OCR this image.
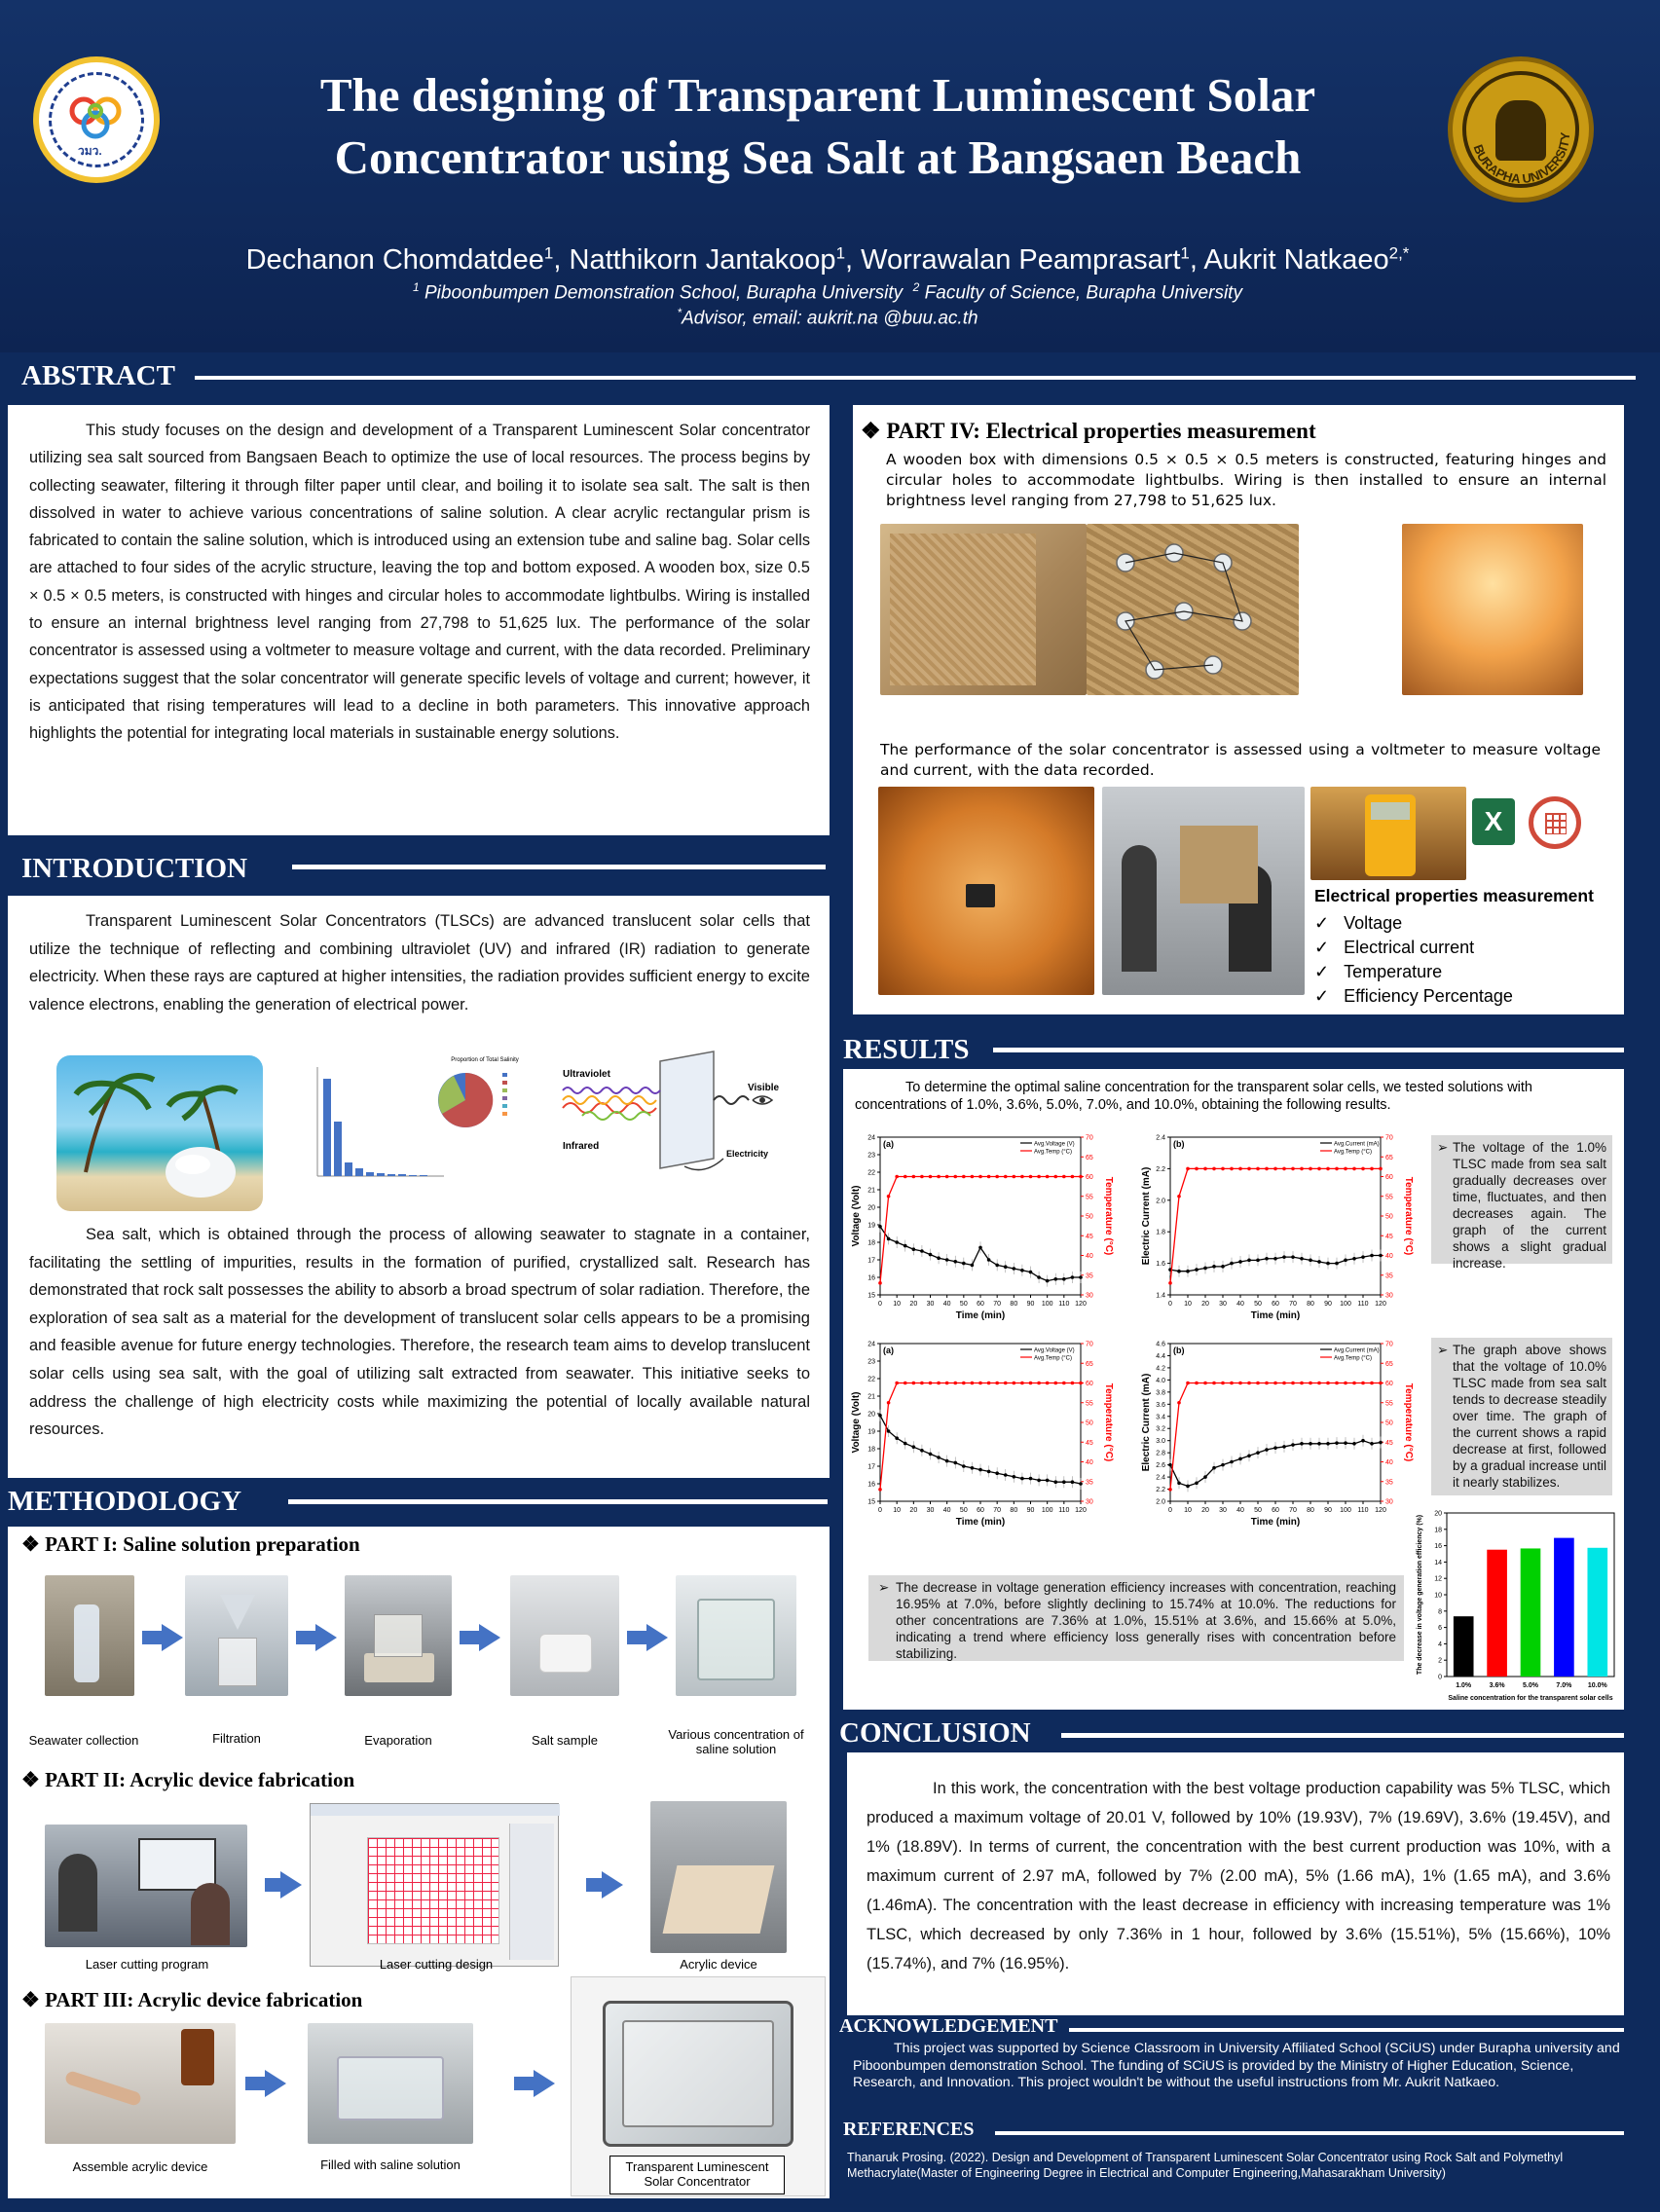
วมว.	BURAPHA UNIVERSITY
The designing of Transparent Luminescent Solar
Concentrator using Sea Salt at Bangsaen Beach
Dechanon Chomdatdee$^1$, Natthikorn Jantakoop$^1$, Worrawalan Peamprasart$^1$, Aukrit Natkaeo$^{2,*}$
$^1$ Piboonbumpen Demonstration School, Burapha University $^2$ Faculty of Science, Burapha University
*Advisor, email: aukrit.na @buu.ac.th
ABSTRACT

This study focuses on the design and development of a Transparent Luminescent Solar concentrator utilizing sea salt sourced from Bangsaen Beach to optimize the use of local resources. The process begins by collecting seawater, filtering it through filter paper until clear, and boiling it to isolate sea salt. The salt is then dissolved in water to achieve various concentrations of saline solution. A clear acrylic rectangular prism is fabricated to contain the saline solution, which is introduced using an extension tube and saline bag. Solar cells are attached to four sides of the acrylic structure, leaving the top and bottom exposed. A wooden box, size 0.5 × 0.5 × 0.5 meters, is constructed with hinges and circular holes to accommodate lightbulbs. Wiring is installed to ensure an internal brightness level ranging from 27,798 to 51,625 lux. The performance of the solar concentrator is assessed using a voltmeter to measure voltage and current, with the data recorded. Preliminary expectations suggest that the solar concentrator will generate specific levels of voltage and current; however, it is anticipated that rising temperatures will lead to a decline in both parameters. This innovative approach highlights the potential for integrating local materials in sustainable energy solutions.

INTRODUCTION

Transparent Luminescent Solar Concentrators (TLSCs) are advanced translucent solar cells that utilize the technique of reflecting and combining ultraviolet (UV) and infrared (IR) radiation to generate electricity. When these rays are captured at higher intensities, the radiation provides sufficient energy to excite valence electrons, enabling the generation of electrical power.

Proportion of Total Salinity
Ultraviolet
Infrared
Visible
Electricity

Sea salt, which is obtained through the process of allowing seawater to stagnate in a container, facilitating the settling of impurities, results in the formation of purified, crystallized salt. Research has demonstrated that rock salt possesses the ability to absorb a broad spectrum of solar radiation. Therefore, the exploration of sea salt as a material for the development of translucent solar cells appears to be a promising and feasible avenue for future energy technologies. Therefore, the research team aims to develop translucent solar cells using sea salt, with the goal of utilizing salt extracted from seawater. This initiative seeks to address the challenge of high electricity costs while maximizing the potential of locally available natural resources.

METHODOLOGY
❖ PART I: Saline solution preparation
Seawater collection	Filtration	Evaporation	Salt sample	Various concentration of saline solution
❖ PART II: Acrylic device fabrication
Laser cutting program	Laser cutting design	Acrylic device
❖ PART III: Acrylic device fabrication
Assemble acrylic device	Filled with saline solution	Transparent Luminescent Solar Concentrator
❖ PART IV: Electrical properties measurement

A wooden box with dimensions 0.5 × 0.5 × 0.5 meters is constructed, featuring hinges and circular holes to accommodate lightbulbs. Wiring is then installed to ensure an internal brightness level ranging from 27,798 to 51,625 lux.

The performance of the solar concentrator is assessed using a voltmeter to measure voltage and current, with the data recorded.

X
Electrical properties measurement
✓   Voltage
✓   Electrical current
✓   Temperature
✓   Efficiency Percentage
RESULTS

To determine the optimal saline concentration for the transparent solar cells, we tested solutions with concentrations of 1.0%, 3.6%, 5.0%, 7.0%, and 10.0%, obtaining the following results.

0 10 20 30 40 50 60 70 80 90 100 110 120
15
16
17
18
19
20
21
22
23
24
30
35
40
45
50
55
60
65
70
Time (min)
Voltage (Volt)	Temperature (°C)
(a)	Avg.Voltage (V)
Avg.Temp (°C)
0 10 20 30 40 50 60 70 80 90 100 110 120
1.4
1.6
1.8
2.0
2.2
2.4
30
35
40
45
50
55
60
65
70
Time (min)
Electric Current (mA)	Temperature (°C)
(b)	Avg.Current (mA)
Avg.Temp (°C)	➢ The voltage of the 1.0% TLSC made from sea salt gradually decreases over time, fluctuates, and then decreases again. The graph of the current shows a slight gradual increase.
0 10 20 30 40 50 60 70 80 90 100 110 120
15
16
17
18
19
20
21
22
23
24
30
35
40
45
50
55
60
65
70
Time (min)
Voltage (Volt)	Temperature (°C)
(a)	Avg.Voltage (V)
Avg.Temp (°C)
0 10 20 30 40 50 60 70 80 90 100 110 120
2.0
2.2
2.4
2.6
2.8
3.0
3.2
3.4
3.6
3.8
4.0
4.2
4.4
4.6
30
35
40
45
50
55
60
65
70
Time (min)
Electric Current (mA)	Temperature (°C)
(b)	Avg.Current (mA)
Avg.Temp (°C)
➢ The graph above shows that the voltage of 10.0% TLSC made from sea salt tends to decrease steadily over time. The graph of the current shows a rapid decrease at first, followed by a gradual increase until it nearly stabilizes.
➢ The decrease in voltage generation efficiency increases with concentration, reaching 16.95% at 7.0%, before slightly declining to 15.74% at 10.0%. The reductions for other concentrations are 7.36% at 1.0%, 15.51% at 3.6%, and 15.66% at 5.0%, indicating a trend where efficiency loss generally rises with concentration before stabilizing.
0
2
4
6
8
10
12
14
16
18
20
1.0%	3.6%	5.0%	7.0% 10.0%
Saline concentration for the transparent solar cells
The decrease in voltage generation efficiency (%)
CONCLUSION

In this work, the concentration with the best voltage production capability was 5% TLSC, which produced a maximum voltage of 20.01 V, followed by 10% (19.93V), 7% (19.69V), 3.6% (19.45V), and 1% (18.89V). In terms of current, the concentration with the best current production was 10%, with a maximum current of 2.97 mA, followed by 7% (2.00 mA), 5% (1.66 mA), 1% (1.65 mA), and 3.6% (1.46mA). The concentration with the least decrease in efficiency with increasing temperature was 1% TLSC, which decreased by only 7.36% in 1 hour, followed by 3.6% (15.51%), 5% (15.66%), 10% (15.74%), and 7% (16.95%).

ACKNOWLEDGEMENT

This project was supported by Science Classroom in University Affiliated School (SCiUS) under Burapha university and Piboonbumpen demonstration School. The funding of SCiUS is provided by the Ministry of Higher Education, Science, Research, and Innovation. This project wouldn't be without the useful instructions from Mr. Aukrit Natkaeo.

REFERENCES

Thanaruk Prosing. (2022). Design and Development of Transparent Luminescent Solar Concentrator using Rock Salt and Polymethyl Methacrylate(Master of Engineering Degree in Electrical and Computer Engineering,Mahasarakham University)
